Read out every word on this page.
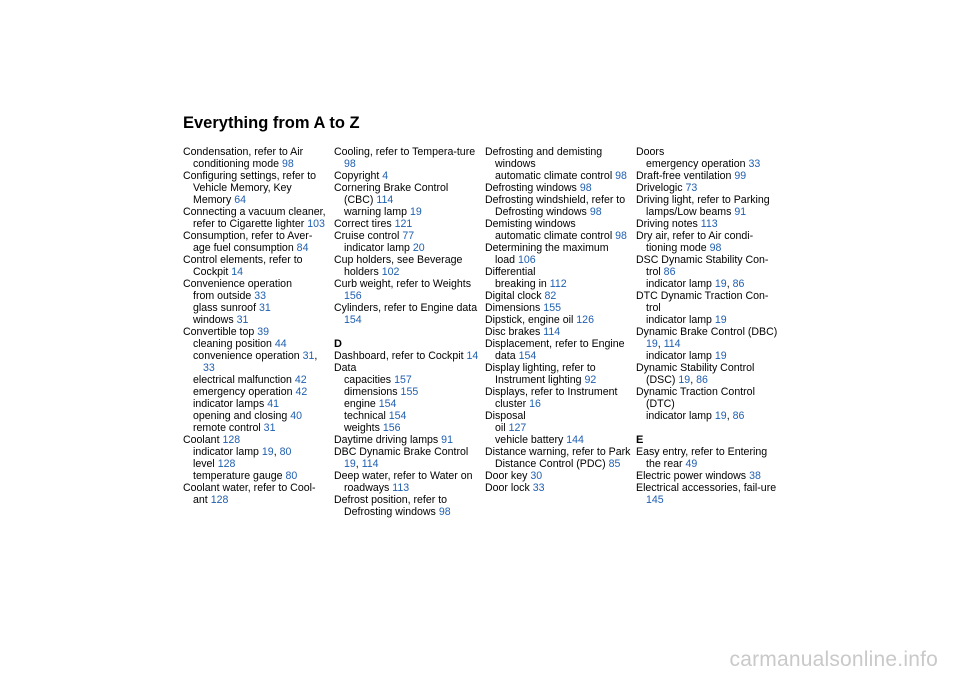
Everything from A to Z
Condensation, refer to Air conditioning mode 98
Configuring settings, refer to Vehicle Memory, Key Memory 64
Connecting a vacuum cleaner, refer to Cigarette lighter 103
Consumption, refer to Aver-age fuel consumption 84
Control elements, refer to Cockpit 14
Convenience operation
from outside 33
glass sunroof 31
windows 31
Convertible top 39
cleaning position 44
convenience operation 31, 33
electrical malfunction 42
emergency operation 42
indicator lamps 41
opening and closing 40
remote control 31
Coolant 128
indicator lamp 19, 80
level 128
temperature gauge 80
Coolant water, refer to Cool-ant 128
Cooling, refer to Tempera-ture 98
Copyright 4
Cornering Brake Control (CBC) 114
warning lamp 19
Correct tires 121
Cruise control 77
indicator lamp 20
Cup holders, see Beverage holders 102
Curb weight, refer to Weights 156
Cylinders, refer to Engine data 154
D
Dashboard, refer to Cockpit 14
Data
capacities 157
dimensions 155
engine 154
technical 154
weights 156
Daytime driving lamps 91
DBC Dynamic Brake Control 19, 114
Deep water, refer to Water on roadways 113
Defrost position, refer to Defrosting windows 98
Defrosting and demisting windows
automatic climate control 98
Defrosting windows 98
Defrosting windshield, refer to Defrosting windows 98
Demisting windows
automatic climate control 98
Determining the maximum load 106
Differential
breaking in 112
Digital clock 82
Dimensions 155
Dipstick, engine oil 126
Disc brakes 114
Displacement, refer to Engine data 154
Display lighting, refer to Instrument lighting 92
Displays, refer to Instrument cluster 16
Disposal
oil 127
vehicle battery 144
Distance warning, refer to Park Distance Control (PDC) 85
Door key 30
Door lock 33
Doors
emergency operation 33
Draft-free ventilation 99
Drivelogic 73
Driving light, refer to Parking lamps/Low beams 91
Driving notes 113
Dry air, refer to Air condi-tioning mode 98
DSC Dynamic Stability Con-trol 86
indicator lamp 19, 86
DTC Dynamic Traction Con-trol
indicator lamp 19
Dynamic Brake Control (DBC) 19, 114
indicator lamp 19
Dynamic Stability Control (DSC) 19, 86
Dynamic Traction Control (DTC)
indicator lamp 19, 86
E
Easy entry, refer to Entering the rear 49
Electric power windows 38
Electrical accessories, fail-ure 145
carmanualsonline.info
